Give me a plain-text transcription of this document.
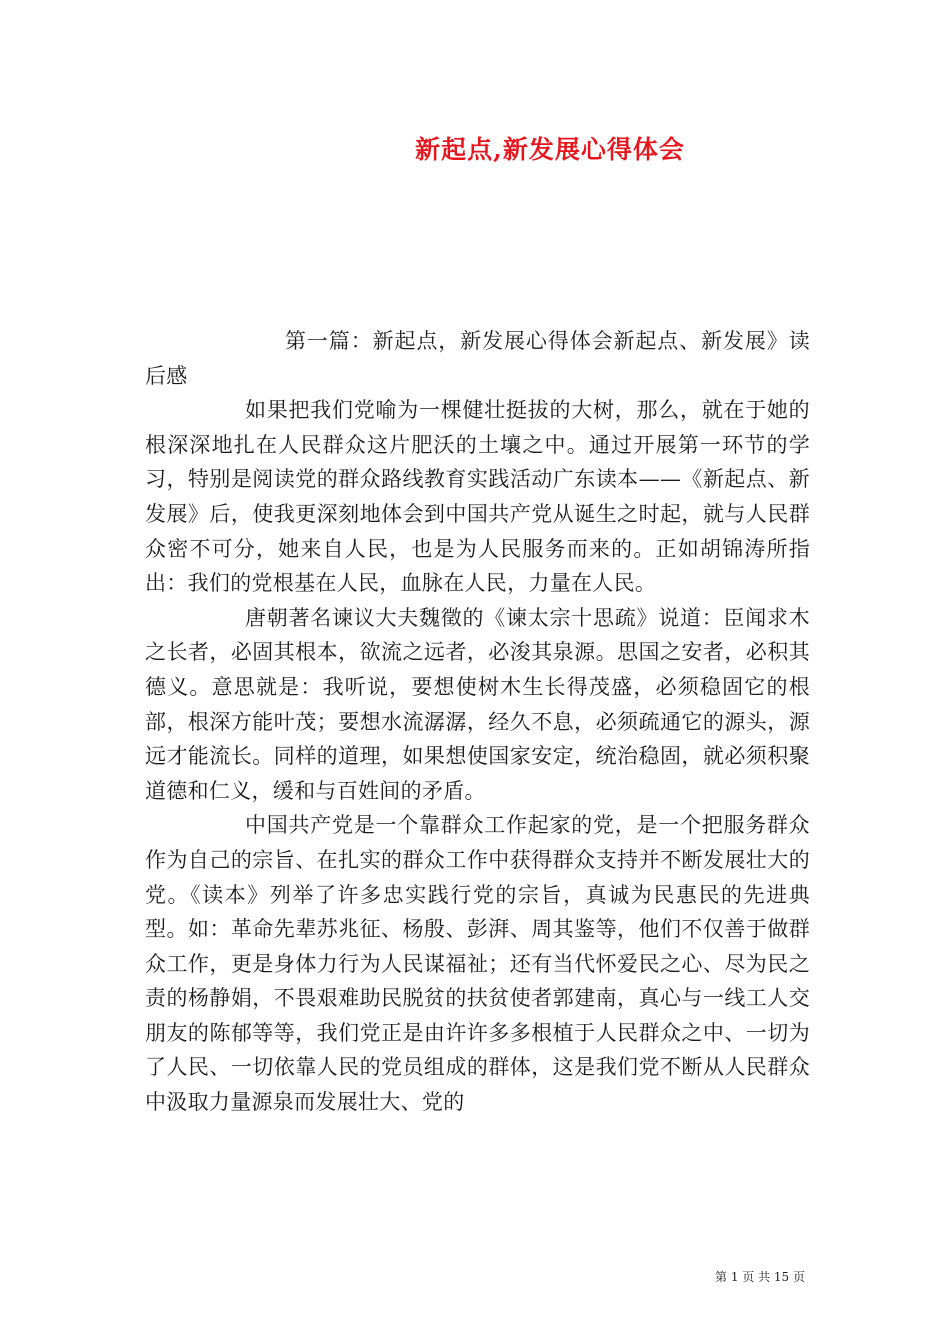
新起点,新发展心得体会

第一篇：新起点，新发展心得体会新起点、新发展》读后感

如果把我们党喻为一棵健壮挺拔的大树，那么，就在于她的根深深地扎在人民群众这片肥沃的土壤之中。通过开展第一环节的学习，特别是阅读党的群众路线教育实践活动广东读本——《新起点、新发展》后，使我更深刻地体会到中国共产党从诞生之时起，就与人民群众密不可分，她来自人民，也是为人民服务而来的。正如胡锦涛所指出：我们的党根基在人民，血脉在人民，力量在人民。

唐朝著名谏议大夫魏徵的《谏太宗十思疏》说道：臣闻求木之长者，必固其根本，欲流之远者，必浚其泉源。思国之安者，必积其德义。意思就是：我听说，要想使树木生长得茂盛，必须稳固它的根部，根深方能叶茂；要想水流潺潺，经久不息，必须疏通它的源头，源远才能流长。同样的道理，如果想使国家安定，统治稳固，就必须积聚道德和仁义，缓和与百姓间的矛盾。

中国共产党是一个靠群众工作起家的党，是一个把服务群众作为自己的宗旨、在扎实的群众工作中获得群众支持并不断发展壮大的党。《读本》列举了许多忠实践行党的宗旨，真诚为民惠民的先进典型。如：革命先辈苏兆征、杨殷、彭湃、周其鉴等，他们不仅善于做群众工作，更是身体力行为人民谋福祉；还有当代怀爱民之心、尽为民之责的杨静娟，不畏艰难助民脱贫的扶贫使者郭建南，真心与一线工人交朋友的陈郁等等，我们党正是由许许多多根植于人民群众之中、一切为了人民、一切依靠人民的党员组成的群体，这是我们党不断从人民群众中汲取力量源泉而发展壮大、党的

第 1 页 共 15 页
